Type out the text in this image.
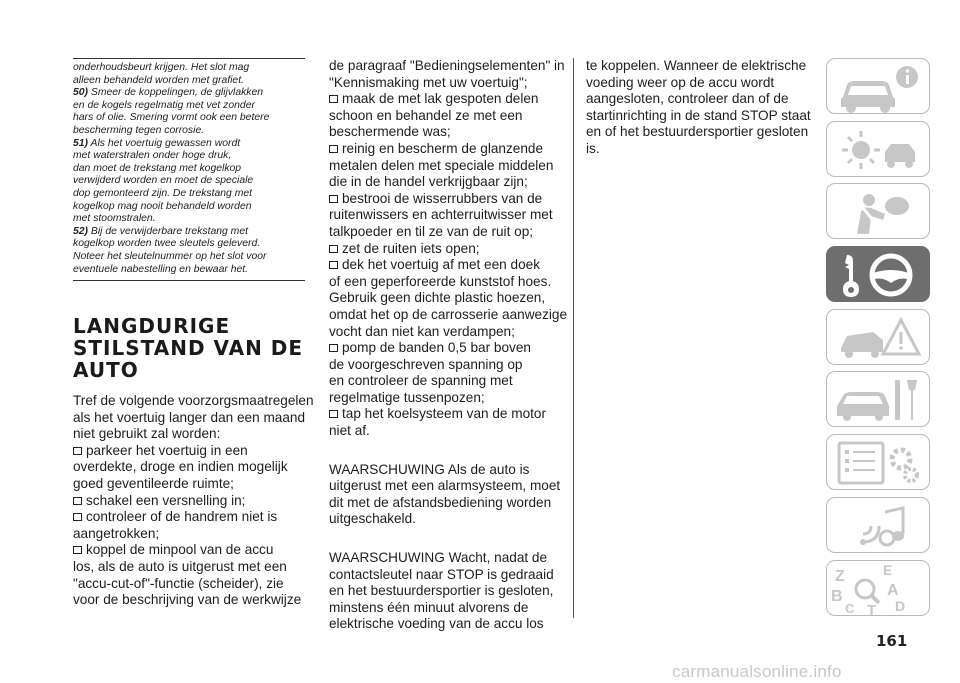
onderhoudsbeurt krijgen. Het slot mag
alleen behandeld worden met grafiet.
50) Smeer de koppelingen, de glijvlakken
en de kogels regelmatig met vet zonder
hars of olie. Smering vormt ook een betere
bescherming tegen corrosie.
51) Als het voertuig gewassen wordt
met waterstralen onder hoge druk,
dan moet de trekstang met kogelkop
verwijderd worden en moet de speciale
dop gemonteerd zijn. De trekstang met
kogelkop mag nooit behandeld worden
met stoomstralen.
52) Bij de verwijderbare trekstang met
kogelkop worden twee sleutels geleverd.
Noteer het sleutelnummer op het slot voor
eventuele nabestelling en bewaar het.
LANGDURIGE
STILSTAND VAN DE
AUTO
Tref de volgende voorzorgsmaatregelen
als het voertuig langer dan een maand
niet gebruikt zal worden:
parkeer het voertuig in een
overdekte, droge en indien mogelijk
goed geventileerde ruimte;
schakel een versnelling in;
controleer of de handrem niet is
aangetrokken;
koppel de minpool van de accu
los, als de auto is uitgerust met een
"accu-cut-of"-functie (scheider), zie
voor de beschrijving van de werkwijze
de paragraaf "Bedieningselementen" in
"Kennismaking met uw voertuig";
maak de met lak gespoten delen
schoon en behandel ze met een
beschermende was;
reinig en bescherm de glanzende
metalen delen met speciale middelen
die in de handel verkrijgbaar zijn;
bestrooi de wisserrubbers van de
ruitenwissers en achterruitwisser met
talkpoeder en til ze van de ruit op;
zet de ruiten iets open;
dek het voertuig af met een doek
of een geperforeerde kunststof hoes.
Gebruik geen dichte plastic hoezen,
omdat het op de carrosserie aanwezige
vocht dan niet kan verdampen;
pomp de banden 0,5 bar boven
de voorgeschreven spanning op
en controleer de spanning met
regelmatige tussenpozen;
tap het koelsysteem van de motor
niet af.
WAARSCHUWING Als de auto is
uitgerust met een alarmsysteem, moet
dit met de afstandsbediening worden
uitgeschakeld.
WAARSCHUWING Wacht, nadat de
contactsleutel naar STOP is gedraaid
en het bestuurdersportier is gesloten,
minstens één minuut alvorens de
elektrische voeding van de accu los
te koppelen. Wanneer de elektrische
voeding weer op de accu wordt
aangesloten, controleer dan of de
startinrichting in de stand STOP staat
en of het bestuurdersportier gesloten
is.
Z	E
B	A
C T D
161
carmanualsonline.info
